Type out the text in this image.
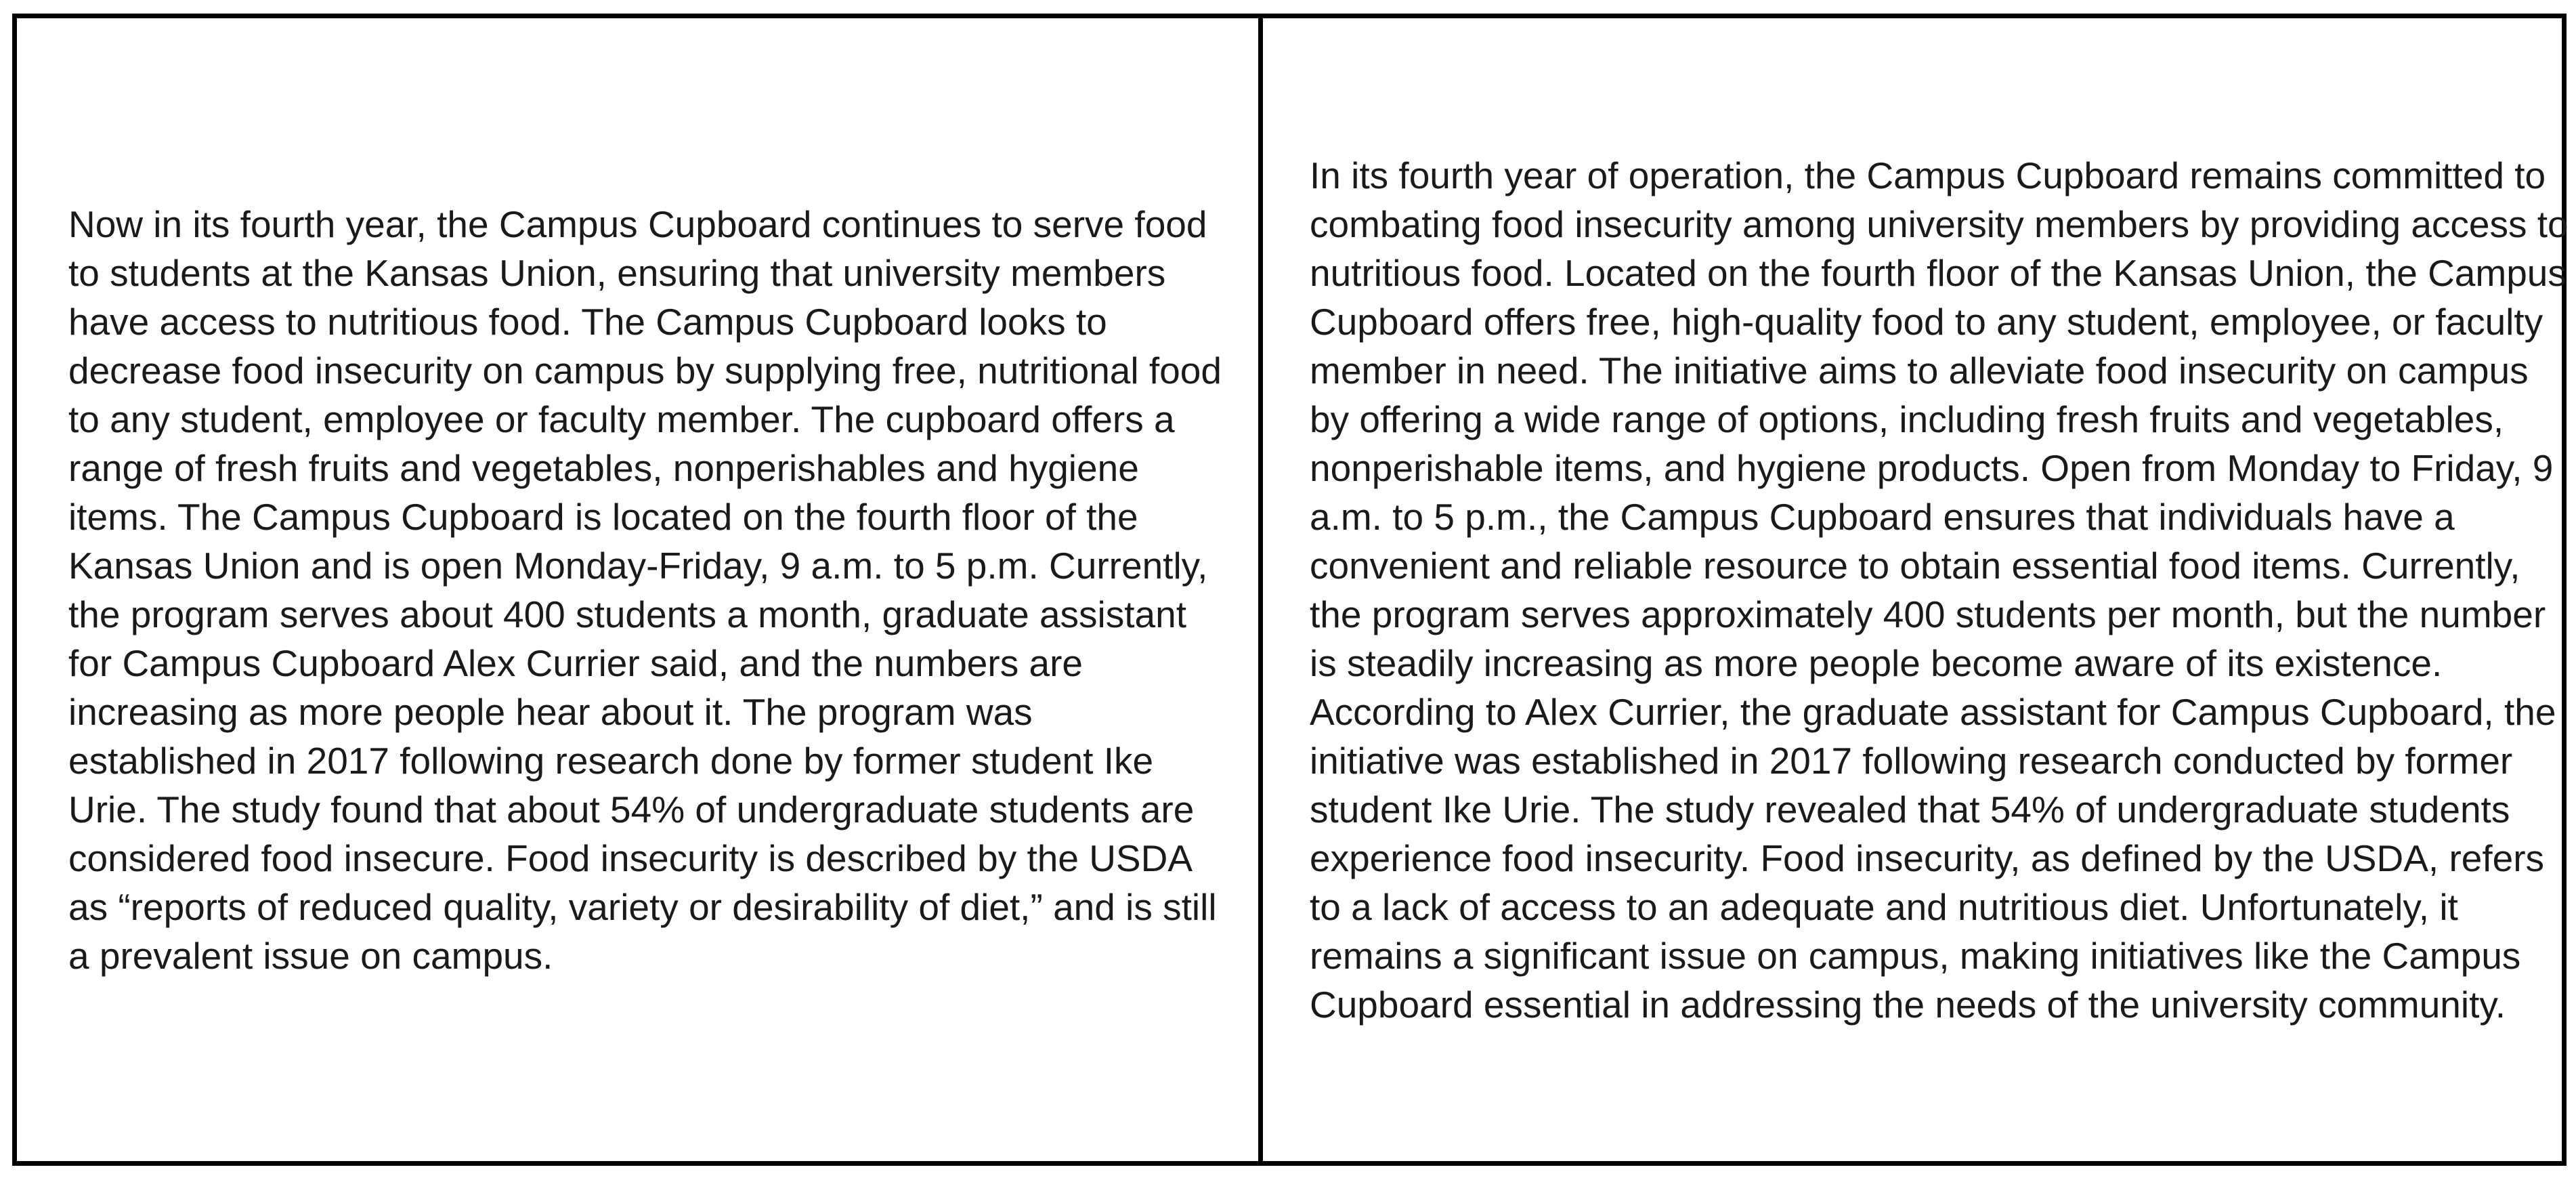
Now in its fourth year, the Campus Cupboard continues to serve food to students at the Kansas Union, ensuring that university members have access to nutritious food. The Campus Cupboard looks to decrease food insecurity on campus by supplying free, nutritional food to any student, employee or faculty member. The cupboard offers a range of fresh fruits and vegetables, nonperishables and hygiene items. The Campus Cupboard is located on the fourth floor of the Kansas Union and is open Monday-Friday, 9 a.m. to 5 p.m. Currently, the program serves about 400 students a month, graduate assistant for Campus Cupboard Alex Currier said, and the numbers are increasing as more people hear about it. The program was established in 2017 following research done by former student Ike Urie. The study found that about 54% of undergraduate students are considered food insecure. Food insecurity is described by the USDA as “reports of reduced quality, variety or desirability of diet,” and is still a prevalent issue on campus.

In its fourth year of operation, the Campus Cupboard remains committed to combating food insecurity among university members by providing access to nutritious food. Located on the fourth floor of the Kansas Union, the Campus Cupboard offers free, high-quality food to any student, employee, or faculty member in need. The initiative aims to alleviate food insecurity on campus by offering a wide range of options, including fresh fruits and vegetables, nonperishable items, and hygiene products. Open from Monday to Friday, 9 a.m. to 5 p.m., the Campus Cupboard ensures that individuals have a convenient and reliable resource to obtain essential food items. Currently, the program serves approximately 400 students per month, but the number is steadily increasing as more people become aware of its existence. According to Alex Currier, the graduate assistant for Campus Cupboard, the initiative was established in 2017 following research conducted by former student Ike Urie. The study revealed that 54% of undergraduate students experience food insecurity. Food insecurity, as defined by the USDA, refers to a lack of access to an adequate and nutritious diet. Unfortunately, it remains a significant issue on campus, making initiatives like the Campus Cupboard essential in addressing the needs of the university community.
